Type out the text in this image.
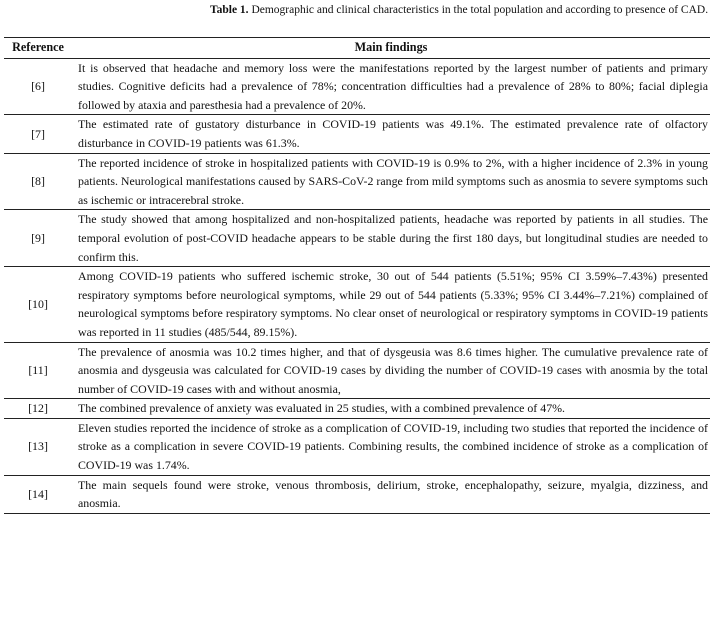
Table 1. Demographic and clinical characteristics in the total population and according to presence of CAD.
Reference	Main findings
[6]	It is observed that headache and memory loss were the manifestations reported by the largest number of patients and primary studies. Cognitive deficits had a prevalence of 78%; concentration difficulties had a prevalence of 28% to 80%; facial diplegia followed by ataxia and paresthesia had a prevalence of 20%.
[7]	The estimated rate of gustatory disturbance in COVID-19 patients was 49.1%. The estimated prevalence rate of olfactory disturbance in COVID-19 patients was 61.3%.
[8]	The reported incidence of stroke in hospitalized patients with COVID-19 is 0.9% to 2%, with a higher incidence of 2.3% in young patients. Neurological manifestations caused by SARS-CoV-2 range from mild symptoms such as anosmia to severe symptoms such as ischemic or intracerebral stroke.
[9]	The study showed that among hospitalized and non-hospitalized patients, headache was reported by patients in all studies. The temporal evolution of post-COVID headache appears to be stable during the first 180 days, but longitudinal studies are needed to confirm this.
[10]	Among COVID-19 patients who suffered ischemic stroke, 30 out of 544 patients (5.51%; 95% CI 3.59%–7.43%) presented respiratory symptoms before neurological symptoms, while 29 out of 544 patients (5.33%; 95% CI 3.44%–7.21%) complained of neurological symptoms before respiratory symptoms. No clear onset of neurological or respiratory symptoms in COVID-19 patients was reported in 11 studies (485/544, 89.15%).
[11]	The prevalence of anosmia was 10.2 times higher, and that of dysgeusia was 8.6 times higher. The cumulative prevalence rate of anosmia and dysgeusia was calculated for COVID-19 cases by dividing the number of COVID-19 cases with anosmia by the total number of COVID-19 cases with and without anosmia,
[12]	The combined prevalence of anxiety was evaluated in 25 studies, with a combined prevalence of 47%.
[13]	Eleven studies reported the incidence of stroke as a complication of COVID-19, including two studies that reported the incidence of stroke as a complication in severe COVID-19 patients. Combining results, the combined incidence of stroke as a complication of COVID-19 was 1.74%.
[14]	The main sequels found were stroke, venous thrombosis, delirium, stroke, encephalopathy, seizure, myalgia, dizziness, and anosmia.
